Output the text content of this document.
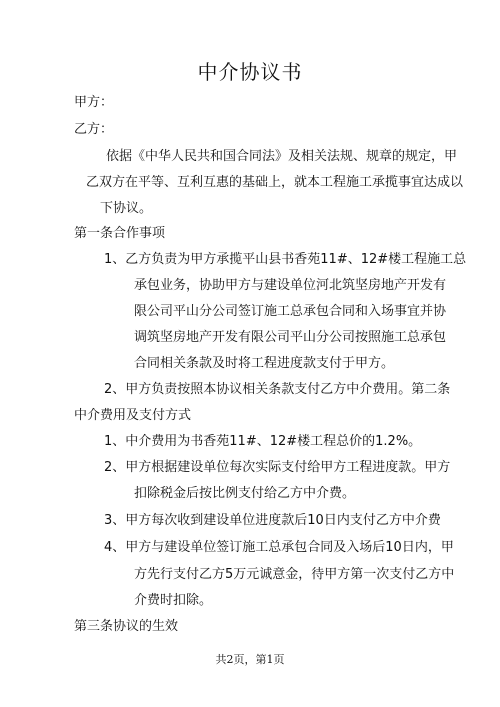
中介协议书
甲方：
乙方：
依据《中华人民共和国合同法》及相关法规、规章的规定，甲
乙双方在平等、互利互惠的基础上，就本工程施工承揽事宜达成以
下协议。
第一条合作事项
1、乙方负责为甲方承揽平山县书香苑11#、12#楼工程施工总
承包业务，协助甲方与建设单位河北筑坚房地产开发有
限公司平山分公司签订施工总承包合同和入场事宜并协
调筑坚房地产开发有限公司平山分公司按照施工总承包
合同相关条款及时将工程进度款支付于甲方。
2、甲方负责按照本协议相关条款支付乙方中介费用。第二条
中介费用及支付方式
1、中介费用为书香苑11#、12#楼工程总价的1.2%。
2、甲方根据建设单位每次实际支付给甲方工程进度款。甲方
扣除税金后按比例支付给乙方中介费。
3、甲方每次收到建设单位进度款后10日内支付乙方中介费
4、甲方与建设单位签订施工总承包合同及入场后10日内，甲
方先行支付乙方5万元诚意金，待甲方第一次支付乙方中
介费时扣除。
第三条协议的生效
共2页，第1页
